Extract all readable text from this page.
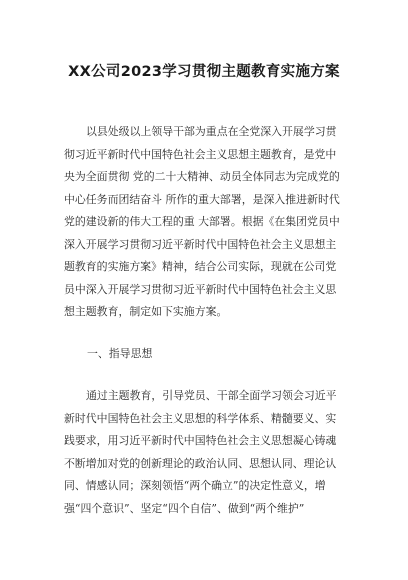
XX公司2023学习贯彻主题教育实施方案

以县处级以上领导干部为重点在全党深入开展学习贯
彻习近平新时代中国特色社会主义思想主题教育，是党中
央为全面贯彻 党的二十大精神、动员全体同志为完成党的
中心任务而团结奋斗 所作的重大部署，是深入推进新时代
党的建设新的伟大工程的重 大部署。根据《在集团党员中
深入开展学习贯彻习近平新时代中国特色社会主义思想主
题教育的实施方案》精神，结合公司实际，现就在公司党
员中深入开展学习贯彻习近平新时代中国特色社会主义思
想主题教育，制定如下实施方案。

一、指导思想

通过主题教育，引导党员、干部全面学习领会习近平
新时代中国特色社会主义思想的科学体系、精髓要义、实
践要求，用习近平新时代中国特色社会主义思想凝心铸魂
不断增加对党的创新理论的政治认同、思想认同、理论认
同、情感认同；深刻领悟“两个确立”的决定性意义，增
强“四个意识”、坚定“四个自信”、做到“两个维护”
